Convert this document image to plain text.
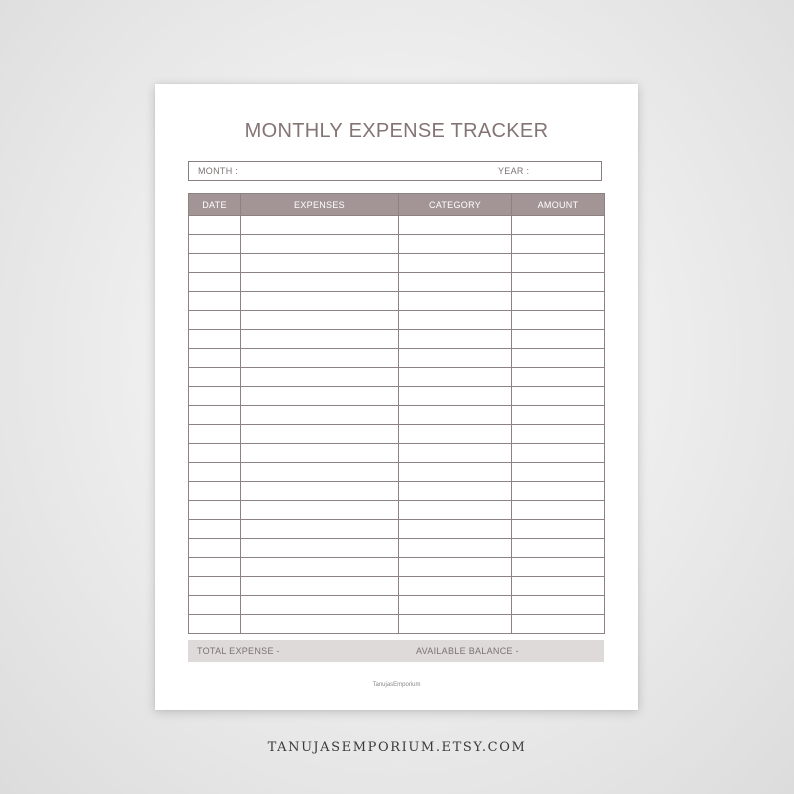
MONTHLY EXPENSE TRACKER
MONTH :	YEAR :
DATE	EXPENSES	CATEGORY	AMOUNT

TOTAL EXPENSE -	AVAILABLE BALANCE -
TanujasEmporium
TANUJASEMPORIUM.ETSY.COM
